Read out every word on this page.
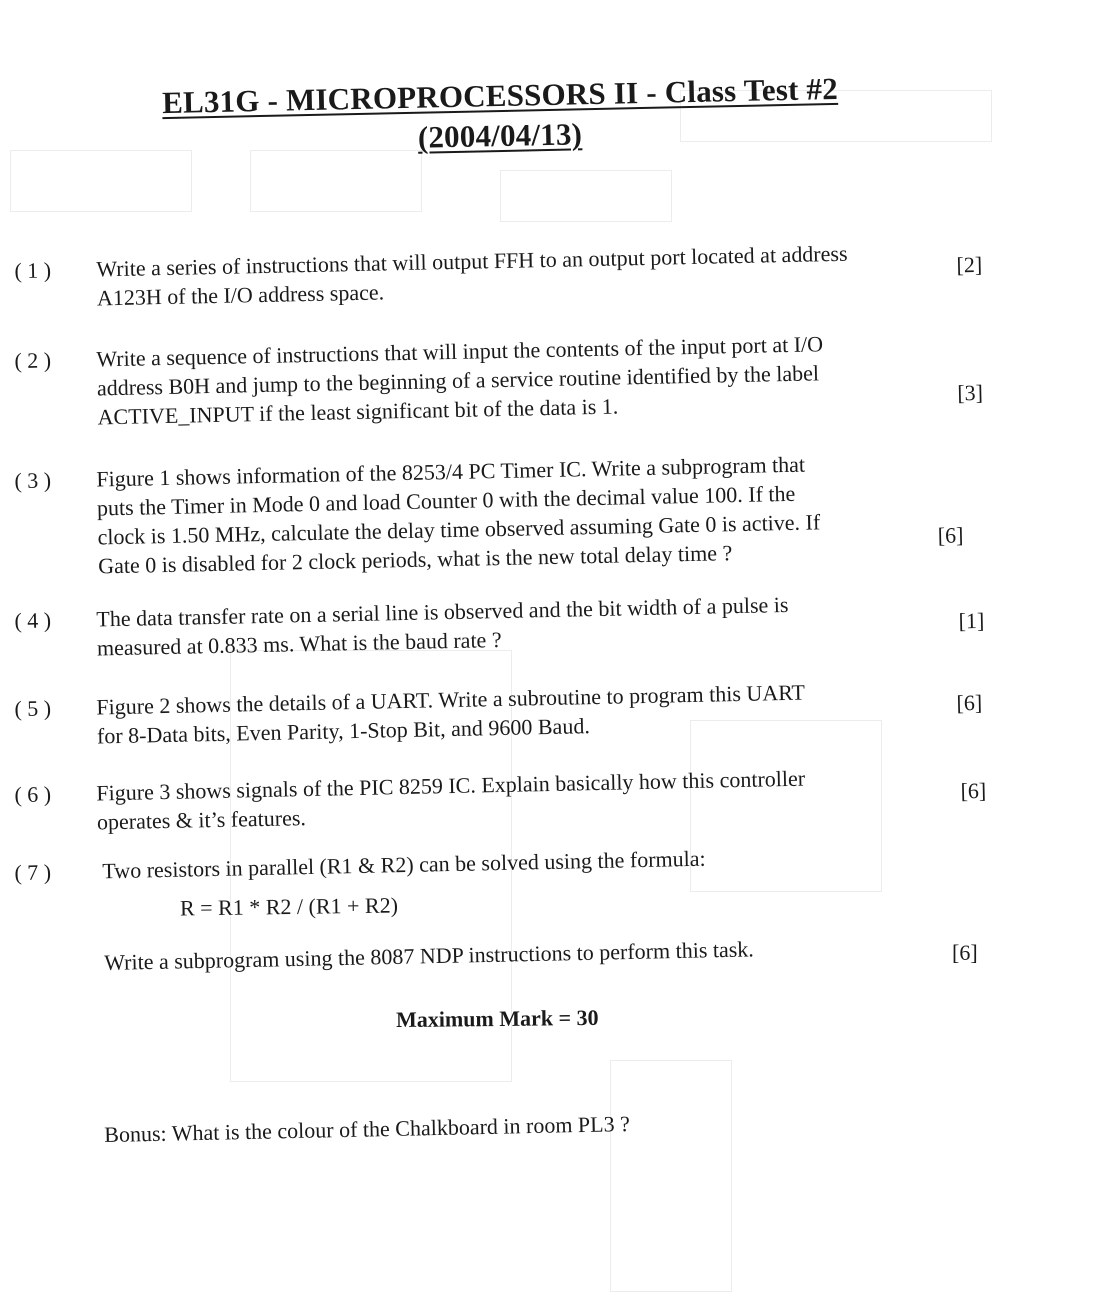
EL31G - MICROPROCESSORS II - Class Test #2
(2004/04/13)
( 1 ) Write a series of instructions that will output FFH to an output port located at address
A123H of the I/O address space.
[2]
( 2 ) Write a sequence of instructions that will input the contents of the input port at I/O
address B0H and jump to the beginning of a service routine identified by the label
ACTIVE_INPUT if the least significant bit of the data is 1.
[3]
( 3 ) Figure 1 shows information of the 8253/4 PC Timer IC. Write a subprogram that
puts the Timer in Mode 0 and load Counter 0 with the decimal value 100. If the
clock is 1.50 MHz, calculate the delay time observed assuming Gate 0 is active. If
Gate 0 is disabled for 2 clock periods, what is the new total delay time ?
[6]
( 4 ) The data transfer rate on a serial line is observed and the bit width of a pulse is
measured at 0.833 ms. What is the baud rate ?
[1]
( 5 ) Figure 2 shows the details of a UART. Write a subroutine to program this UART
for 8-Data bits, Even Parity, 1-Stop Bit, and 9600 Baud.
[6]
( 6 ) Figure 3 shows signals of the PIC 8259 IC. Explain basically how this controller
operates & it’s features.
[6]
( 7 ) Two resistors in parallel (R1 & R2) can be solved using the formula:
R = R1 * R2 / (R1 + R2)
Write a subprogram using the 8087 NDP instructions to perform this task.	[6]
Maximum Mark = 30
Bonus: What is the colour of the Chalkboard in room PL3 ?
